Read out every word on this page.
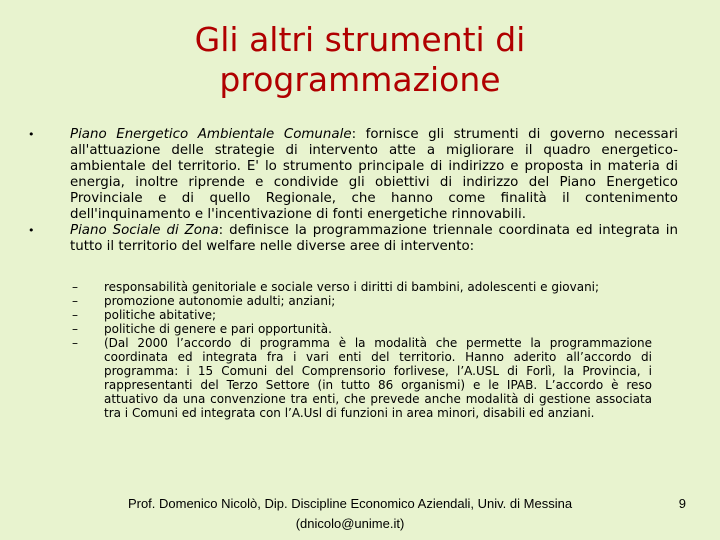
Gli altri strumenti di
programmazione
•	Piano Energetico Ambientale Comunale: fornisce gli strumenti di governo necessari all'attuazione delle strategie di intervento atte a migliorare il quadro energetico-ambientale del territorio. E' lo strumento principale di indirizzo e proposta in materia di energia, inoltre riprende e condivide gli obiettivi di indirizzo del Piano Energetico Provinciale e di quello Regionale, che hanno come finalità il contenimento dell'inquinamento e l'incentivazione di fonti energetiche rinnovabili.
•	Piano Sociale di Zona: definisce la programmazione triennale coordinata ed integrata in tutto il territorio del welfare nelle diverse aree di intervento:
–	responsabilità genitoriale e sociale verso i diritti di bambini, adolescenti e giovani;
–	promozione autonomie adulti; anziani;
–	politiche abitative;
–	politiche di genere e pari opportunità.
–	(Dal 2000 l’accordo di programma è la modalità che permette la programmazione coordinata ed integrata fra i vari enti del territorio. Hanno aderito all’accordo di programma: i 15 Comuni del Comprensorio forlivese, l’A.USL di Forlì, la Provincia, i rappresentanti del Terzo Settore (in tutto 86 organismi) e le IPAB. L’accordo è reso attuativo da una convenzione tra enti, che prevede anche modalità di gestione associata tra i Comuni ed integrata con l’A.Usl di funzioni in area minori, disabili ed anziani.
Prof. Domenico Nicolò, Dip. Discipline Economico Aziendali, Univ. di Messina
(dnicolo@unime.it)
9
